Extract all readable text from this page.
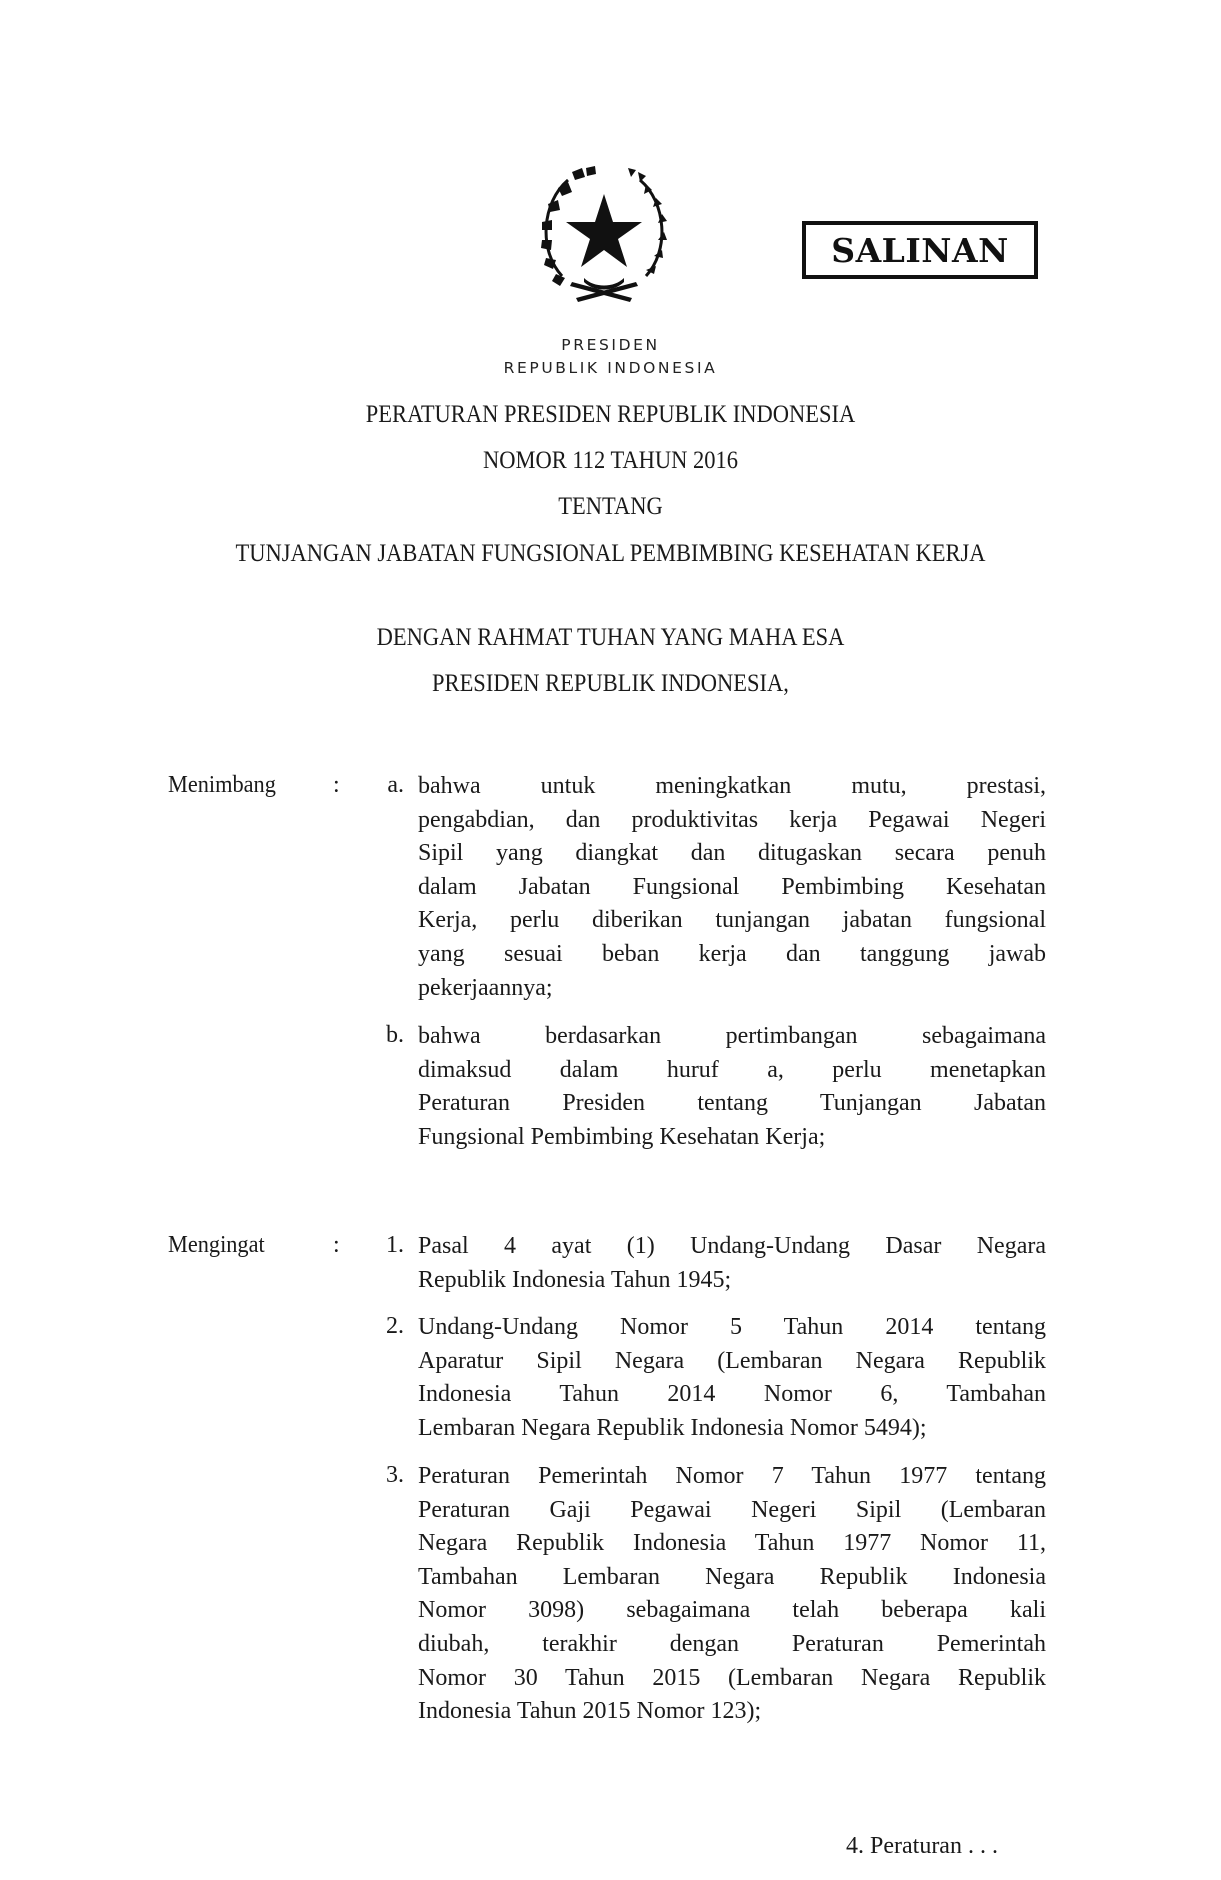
SALINAN
PRESIDEN
REPUBLIK INDONESIA
PERATURAN PRESIDEN REPUBLIK INDONESIA
NOMOR 112 TAHUN 2016
TENTANG
TUNJANGAN JABATAN FUNGSIONAL PEMBIMBING KESEHATAN KERJA
DENGAN RAHMAT TUHAN YANG MAHA ESA
PRESIDEN REPUBLIK INDONESIA,
Menimbang :	a. bahwa untuk meningkatkan mutu, prestasi,
pengabdian, dan produktivitas kerja Pegawai Negeri
Sipil yang diangkat dan ditugaskan secara penuh
dalam Jabatan Fungsional Pembimbing Kesehatan
Kerja, perlu diberikan tunjangan jabatan fungsional
yang sesuai beban kerja dan tanggung jawab
pekerjaannya;
b. bahwa berdasarkan pertimbangan sebagaimana
dimaksud dalam huruf a, perlu menetapkan
Peraturan Presiden tentang Tunjangan Jabatan
Fungsional Pembimbing Kesehatan Kerja;
Mengingat	:	1. Pasal 4 ayat (1) Undang-Undang Dasar Negara
Republik Indonesia Tahun 1945;
2. Undang-Undang Nomor 5 Tahun 2014 tentang
Aparatur Sipil Negara (Lembaran Negara Republik
Indonesia Tahun 2014 Nomor 6, Tambahan
Lembaran Negara Republik Indonesia Nomor 5494);
3. Peraturan Pemerintah Nomor 7 Tahun 1977 tentang
Peraturan Gaji Pegawai Negeri Sipil (Lembaran
Negara Republik Indonesia Tahun 1977 Nomor 11,
Tambahan Lembaran Negara Republik Indonesia
Nomor 3098) sebagaimana telah beberapa kali
diubah, terakhir dengan Peraturan Pemerintah
Nomor 30 Tahun 2015 (Lembaran Negara Republik
Indonesia Tahun 2015 Nomor 123);
4. Peraturan . . .
